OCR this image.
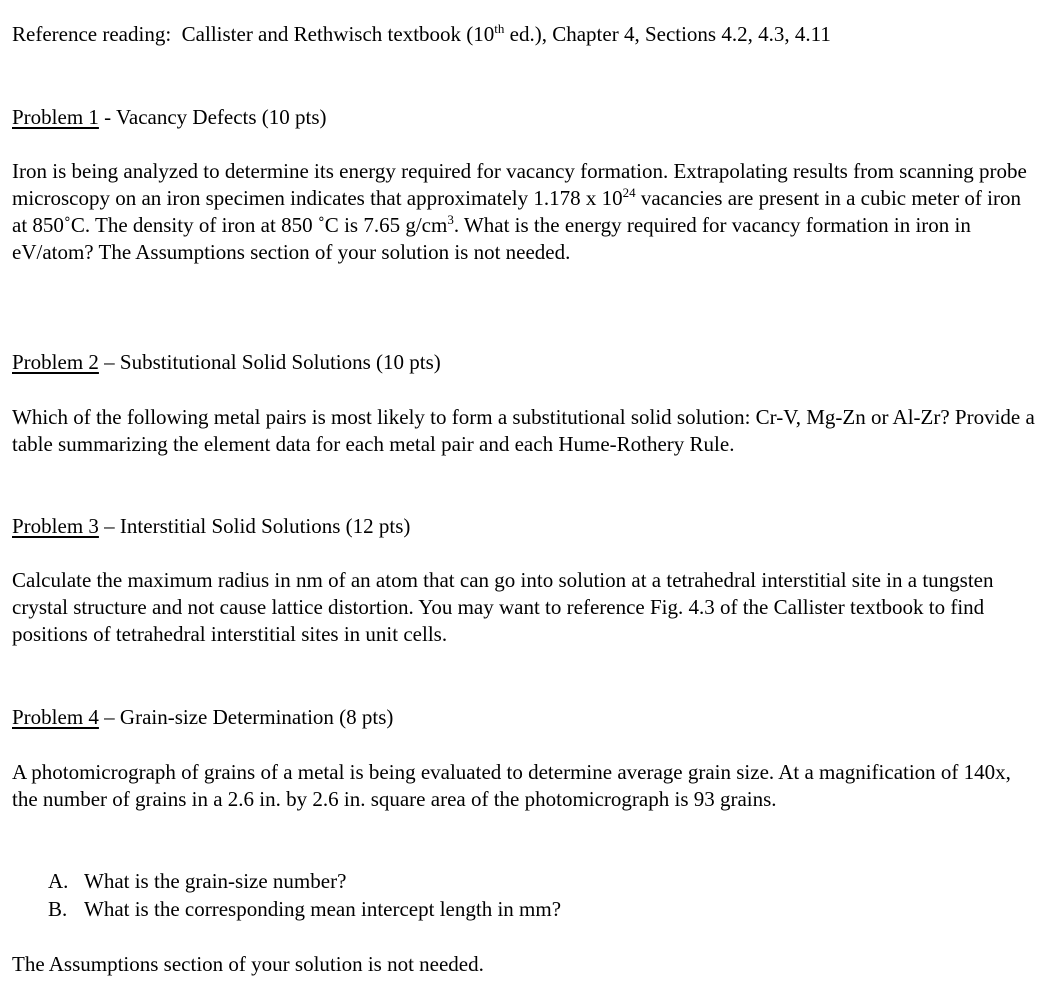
Reference reading: Callister and Rethwisch textbook (10th ed.), Chapter 4, Sections 4.2, 4.3, 4.11

Problem 1 - Vacancy Defects (10 pts)

Iron is being analyzed to determine its energy required for vacancy formation. Extrapolating results from scanning probe microscopy on an iron specimen indicates that approximately 1.178 x $10^{24}$ vacancies are present in a cubic meter of iron at 850˚C. The density of iron at 850 ˚C is 7.65 $g/cm^3$. What is the energy required for vacancy formation in iron in eV/atom? The Assumptions section of your solution is not needed.

Problem 2 – Substitutional Solid Solutions (10 pts)

Which of the following metal pairs is most likely to form a substitutional solid solution: Cr-V, Mg-Zn or Al-Zr? Provide a table summarizing the element data for each metal pair and each Hume-Rothery Rule.

Problem 3 – Interstitial Solid Solutions (12 pts)

Calculate the maximum radius in nm of an atom that can go into solution at a tetrahedral interstitial site in a tungsten crystal structure and not cause lattice distortion. You may want to reference Fig. 4.3 of the Callister textbook to find positions of tetrahedral interstitial sites in unit cells.

Problem 4 – Grain-size Determination (8 pts)

A photomicrograph of grains of a metal is being evaluated to determine average grain size. At a magnification of 140x, the number of grains in a 2.6 in. by 2.6 in. square area of the photomicrograph is 93 grains.

A. What is the grain-size number?
B. What is the corresponding mean intercept length in mm?

The Assumptions section of your solution is not needed.
